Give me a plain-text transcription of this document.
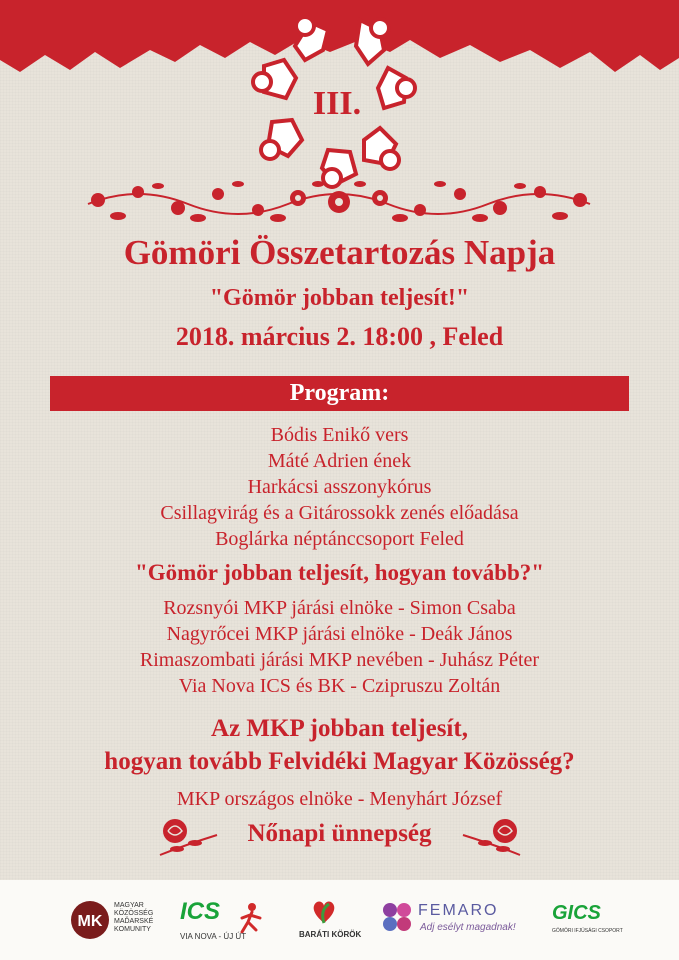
III.
Gömöri Összetartozás Napja
"Gömör jobban teljesít!"
2018. március 2. 18:00 , Feled
Program:
Bódis Enikő vers
Máté Adrien ének
Harkácsi asszonykórus
Csillagvirág és a Gitárossokk zenés előadása
Boglárka néptánccsoport Feled
"Gömör jobban teljesít, hogyan tovább?"
Rozsnyói MKP járási elnöke - Simon Csaba
Nagyrőcei MKP járási elnöke - Deák János
Rimaszombati járási MKP nevében - Juhász Péter
Via Nova ICS és BK - Czipruszu Zoltán
Az MKP jobban teljesít,
hogyan tovább Felvidéki Magyar Közösség?
MKP országos elnöke - Menyhárt József
Nőnapi ünnepség
MK
MAGYAR
KÖZÖSSÉG
MAĎARSKÉ
KOMUNITY
ICS
VIA NOVA - ÚJ ÚT	BARÁTI KÖRÖK
FEMARO
Adj esélyt magadnak!
GICS
GÖMÖRI IFJÚSÁGI CSOPORT
